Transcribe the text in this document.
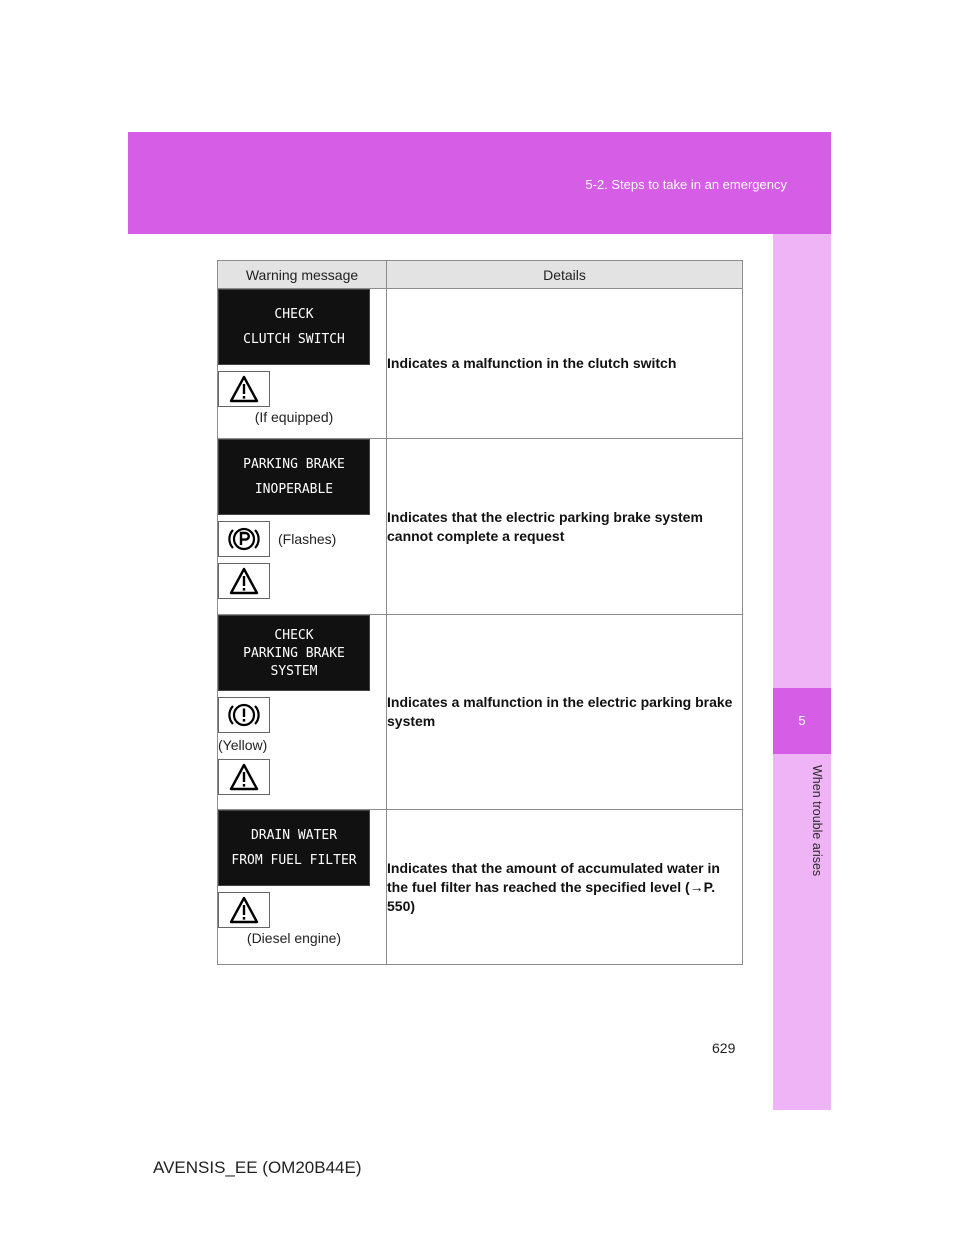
5-2. Steps to take in an emergency
5
When trouble arises
Warning message	Details

CHECK
CLUTCH SWITCH
(If equipped)	Indicates a malfunction in the clutch switch

PARKING BRAKE
INOPERABLE
(Flashes)	Indicates that the electric parking brake system cannot complete a request

CHECK
PARKING BRAKE
SYSTEM
(Yellow)	Indicates a malfunction in the electric parking brake system

DRAIN WATER
FROM FUEL FILTER
(Diesel engine)	Indicates that the amount of accumulated water in the fuel filter has reached the specified level (→P. 550)
629
AVENSIS_EE (OM20B44E)
